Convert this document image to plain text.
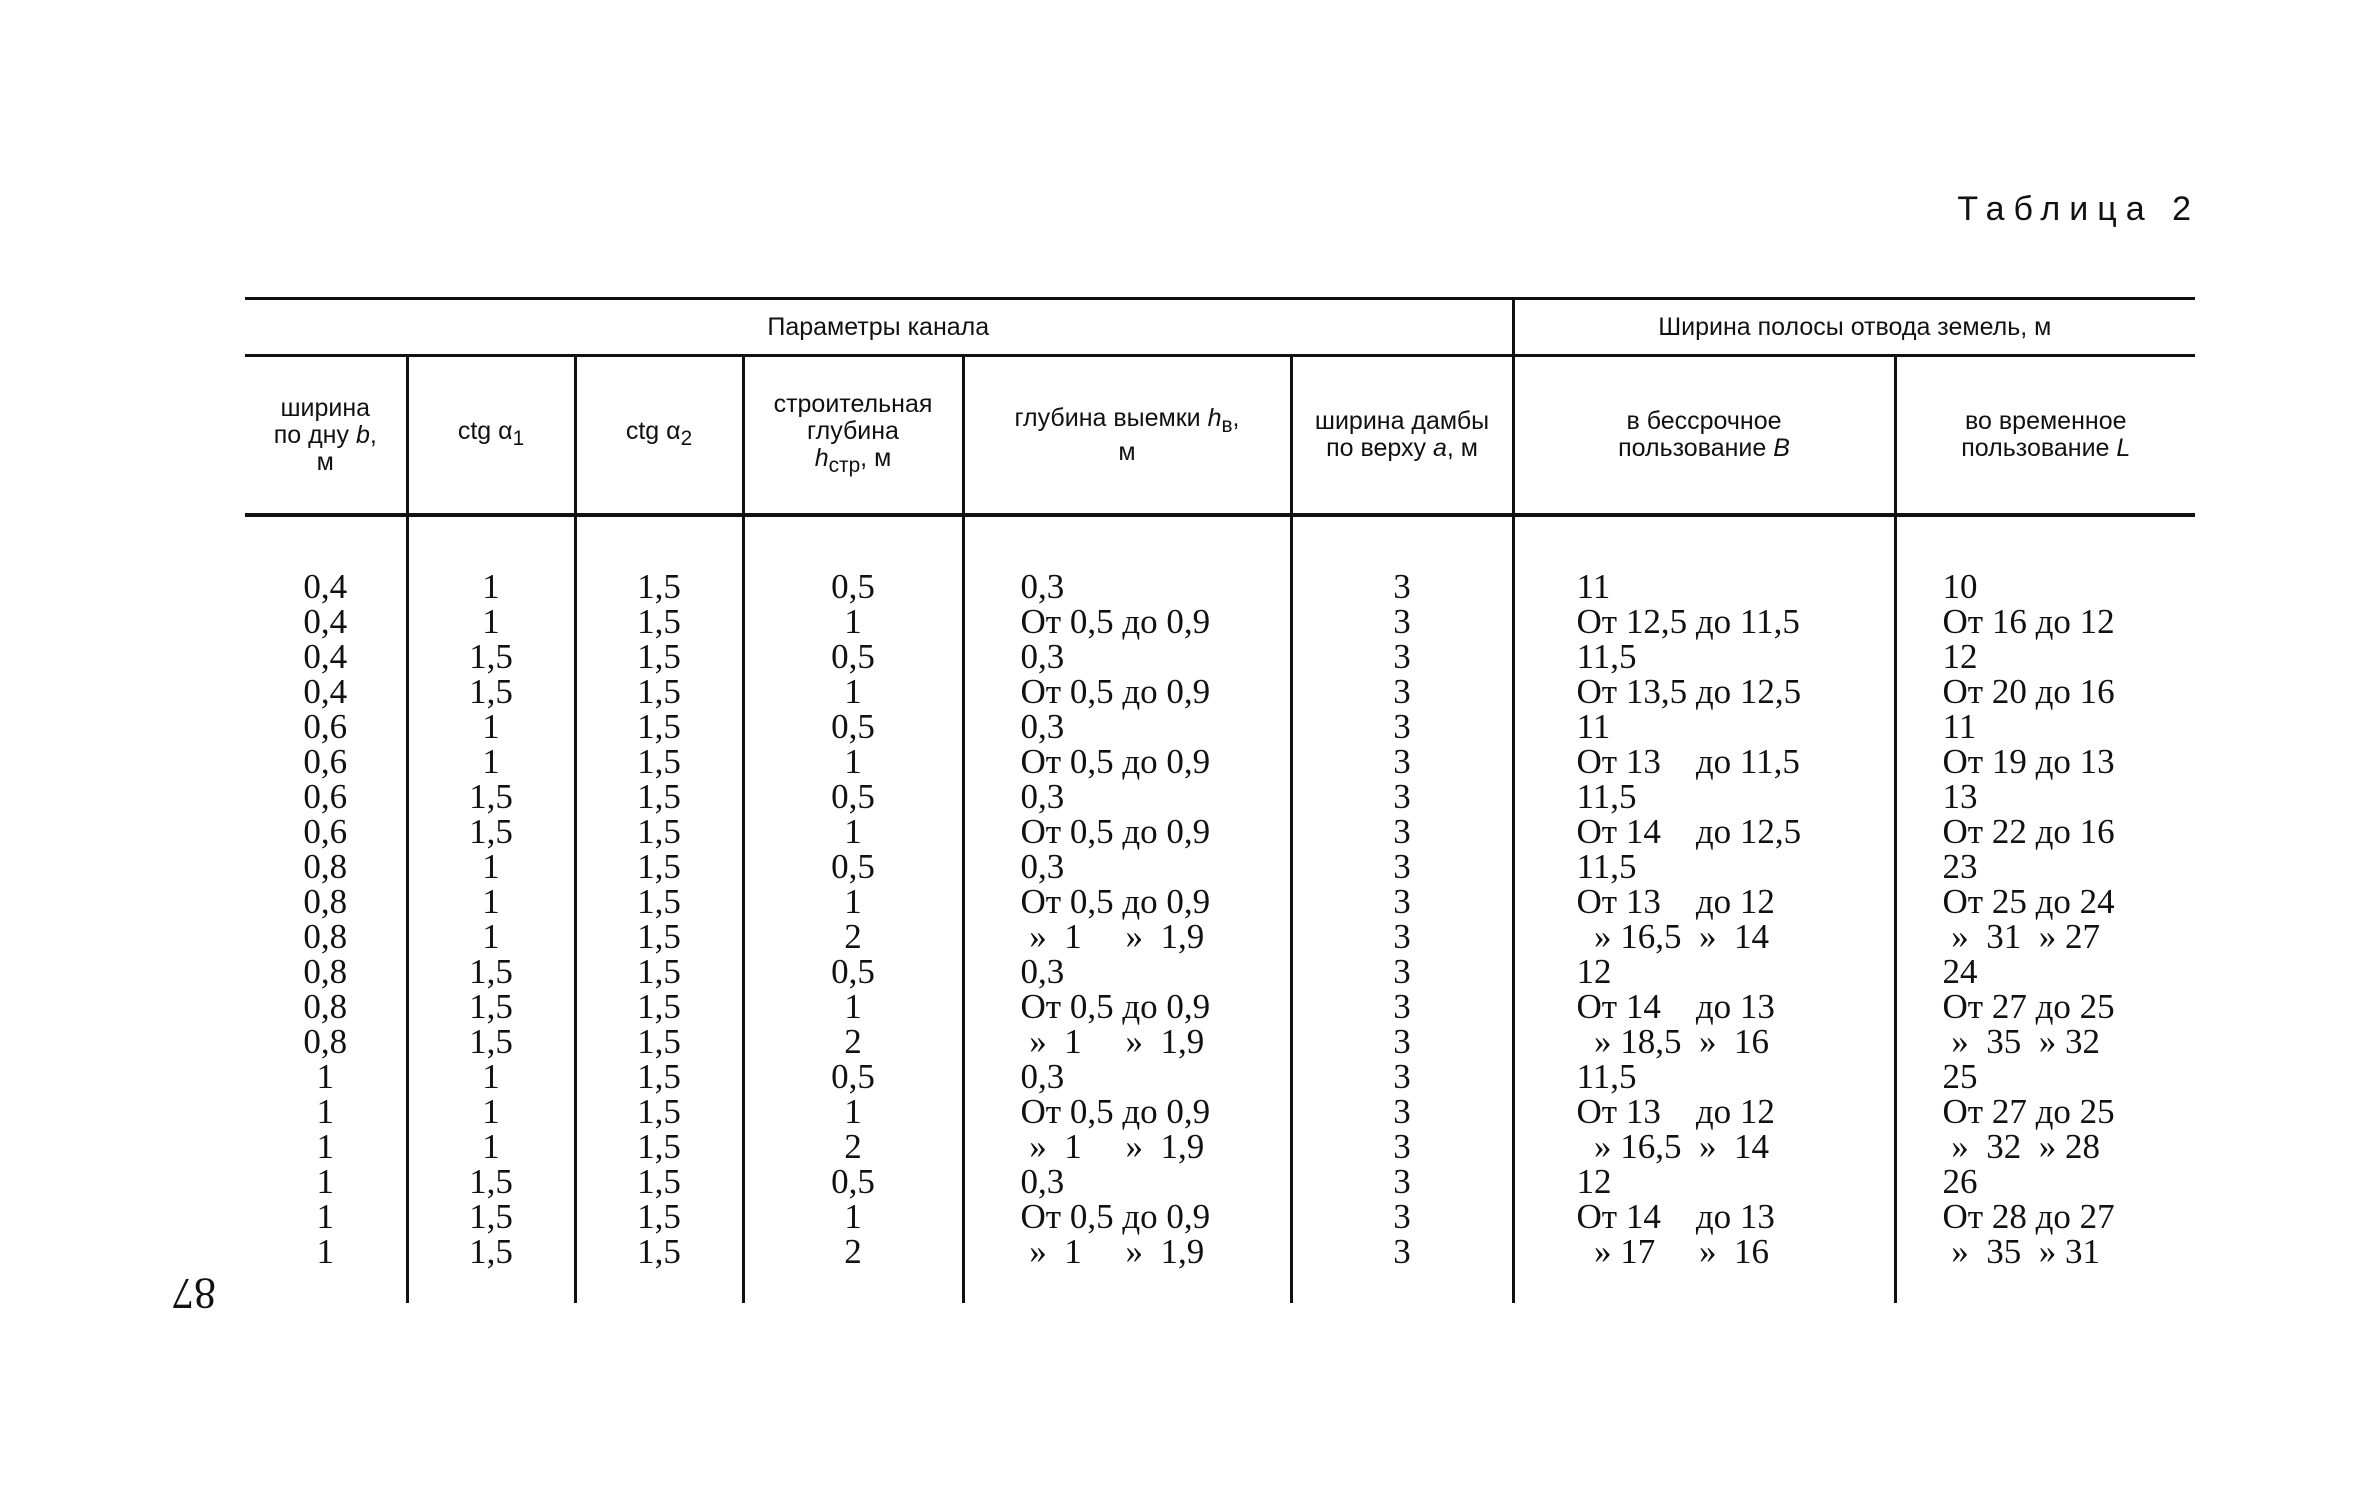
Таблица 2
87
Параметры канала						Ширина полосы отвода земель, м	
ширина
по дну b,
м	ctg $\alpha_1$	ctg $\alpha_2$	строительная
глубина
$h_{стр}$, м	глубина выемки $h_в$,
м	ширина дамбы
по верху a, м	в бессрочное
пользование B	во временное
пользование L

0,4	1	1,5	0,5	0,3	3	11	10
0,4	1	1,5	1	От 0,5 до 0,9	3	От 12,5 до 11,5	От 16 до 12
0,4	1,5	1,5	0,5	0,3	3	11,5	12
0,4	1,5	1,5	1	От 0,5 до 0,9	3	От 13,5 до 12,5	От 20 до 16
0,6	1	1,5	0,5	0,3	3	11	11
0,6	1	1,5	1	От 0,5 до 0,9	3	От 13    до 11,5	От 19 до 13
0,6	1,5	1,5	0,5	0,3	3	11,5	13
0,6	1,5	1,5	1	От 0,5 до 0,9	3	От 14    до 12,5	От 22 до 16
0,8	1	1,5	0,5	0,3	3	11,5	23
0,8	1	1,5	1	От 0,5 до 0,9	3	От 13    до 12	От 25 до 24
0,8	1	1,5	2	»  1     »  1,9	3	» 16,5  »  14	»  31  » 27
0,8	1,5	1,5	0,5	0,3	3	12	24
0,8	1,5	1,5	1	От 0,5 до 0,9	3	От 14    до 13	От 27 до 25
0,8	1,5	1,5	2	»  1     »  1,9	3	» 18,5  »  16	»  35  » 32
1	1	1,5	0,5	0,3	3	11,5	25
1	1	1,5	1	От 0,5 до 0,9	3	От 13    до 12	От 27 до 25
1	1	1,5	2	»  1     »  1,9	3	» 16,5  »  14	»  32  » 28
1	1,5	1,5	0,5	0,3	3	12	26
1	1,5	1,5	1	От 0,5 до 0,9	3	От 14    до 13	От 28 до 27
1	1,5	1,5	2	»  1     »  1,9	3	» 17     »  16	»  35  » 31
